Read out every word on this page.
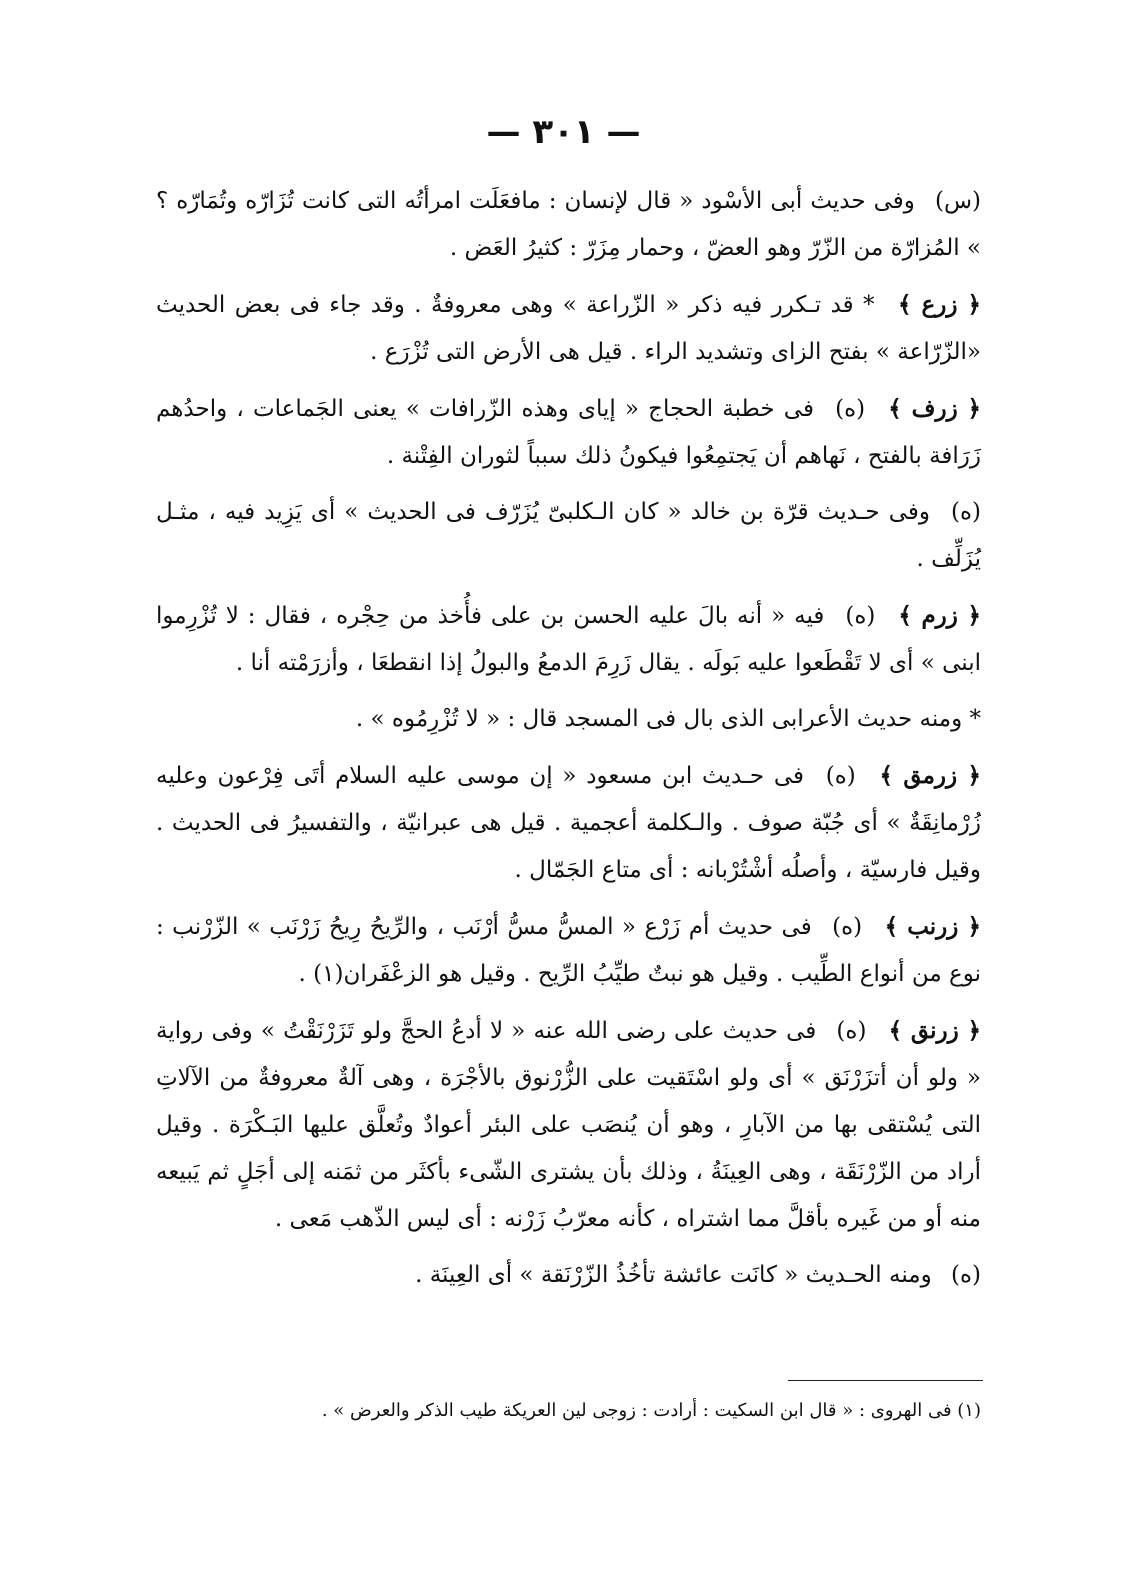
— ٣٠١ —

(س) وفى حديث أبى الأسْود « قال لإنسان : مافعَلَت امرأتُه التى كانت تُزَارّه وتُمَارّه ؟ » المُزارّة من الزّرّ وهو العضّ ، وحمار مِزَرّ : كثيرُ العَض .

﴿ زرع ﴾ * قد تـكرر فيه ذكر « الزّراعة » وهى معروفةٌ . وقد جاء فى بعض الحديث «الزّرّاعة » بفتح الزاى وتشديد الراء . قيل هى الأرض التى تُزْرَع .

﴿ زرف ﴾ (ه) فى خطبة الحجاج « إياى وهذه الزّرافات » يعنى الجَماعات ، واحدُهم زَرَافة بالفتح ، نَهاهم أن يَجتمِعُوا فيكونُ ذلك سبباً لثوران الفِتْنة .

(ه) وفى حـديث قرّة بن خالد « كان الـكلبىّ يُزَرّف فى الحديث » أى يَزِيد فيه ، مثـل يُزَلِّف .

﴿ زرم ﴾ (ه) فيه « أنه بالَ عليه الحسن بن على فأُخذ من حِجْره ، فقال : لا تُزْرِموا ابنى » أى لا تَقْطَعوا عليه بَولَه . يقال زَرِمَ الدمعُ والبولُ إذا انقطعَا ، وأزرَمْته أنا .

* ومنه حديث الأعرابى الذى بال فى المسجد قال : « لا تُزْرِمُوه » .

﴿ زرمق ﴾ (ه) فى حـديث ابن مسعود « إن موسى عليه السلام أتَى فِرْعون وعليه زُرْمانِقَةٌ » أى جُبّة صوف . والـكلمة أعجمية . قيل هى عبرانيّة ، والتفسيرُ فى الحديث . وقيل فارسيّة ، وأصلُه أشْتُرْبانه : أى متاع الجَمّال .

﴿ زرنب ﴾ (ه) فى حديث أم زَرْع « المسُّ مسُّ أرْنَب ، والرِّيحُ رِيحُ زَرْنَب » الزّرْنب : نوع من أنواع الطِّيب . وقيل هو نبتٌ طيِّبُ الرِّيح . وقيل هو الزعْفَران(١) .

﴿ زرنق ﴾ (ه) فى حديث على رضى الله عنه « لا أدعُ الحجَّ ولو تَزَرْنَقْتُ » وفى رواية « ولو أن أتزَرْنَق » أى ولو اسْتَقيت على الزُّرْنوق بالأجْرَة ، وهى آلةٌ معروفةٌ من الآلاتِ التى يُسْتقى بها من الآبارِ ، وهو أن يُنصَب على البئر أعوادٌ وتُعلَّق عليها البَـكْرَة . وقيل أراد من الزّرْنَقَة ، وهى العِينَةُ ، وذلك بأن يشترى الشّىء بأكثَر من ثمَنه إلى أجَلٍ ثم يَبيعه منه أو من غَيره بأقلَّ مما اشتراه ، كأنه معرّبُ زَرْنه : أى ليس الذّهب مَعى .

(ه) ومنه الحـديث « كانَت عائشة تأخُذُ الزّرْنَقة » أى العِينَة .

(١) فى الهروى : « قال ابن السكيت : أرادت : زوجى لين العريكة طيب الذكر والعرض » .
